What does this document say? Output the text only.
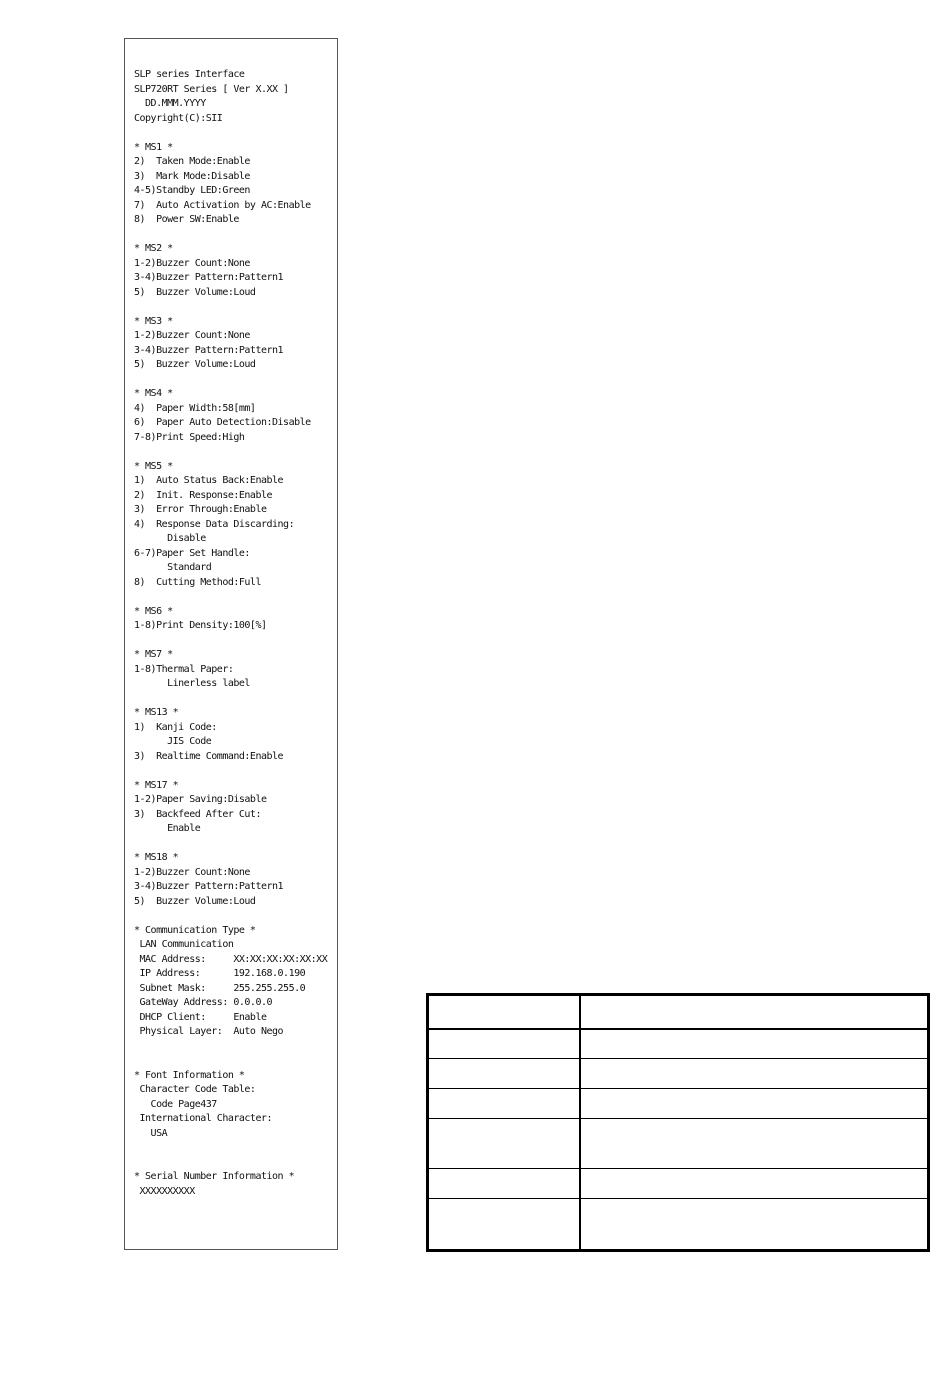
SLP series Interface
SLP720RT Series [ Ver X.XX ]
DD.MMM.YYYY
Copyright(C):SII

* MS1 *
2)  Taken Mode:Enable
3)  Mark Mode:Disable
4-5)Standby LED:Green
7)  Auto Activation by AC:Enable
8)  Power SW:Enable

* MS2 *
1-2)Buzzer Count:None
3-4)Buzzer Pattern:Pattern1
5)  Buzzer Volume:Loud

* MS3 *
1-2)Buzzer Count:None
3-4)Buzzer Pattern:Pattern1
5)  Buzzer Volume:Loud

* MS4 *
4)  Paper Width:58[mm]
6)  Paper Auto Detection:Disable
7-8)Print Speed:High

* MS5 *
1)  Auto Status Back:Enable
2)  Init. Response:Enable
3)  Error Through:Enable
4)  Response Data Discarding:
Disable
6-7)Paper Set Handle:
Standard
8)  Cutting Method:Full

* MS6 *
1-8)Print Density:100[%]

* MS7 *
1-8)Thermal Paper:
Linerless label

* MS13 *
1)  Kanji Code:
JIS Code
3)  Realtime Command:Enable

* MS17 *
1-2)Paper Saving:Disable
3)  Backfeed After Cut:
Enable

* MS18 *
1-2)Buzzer Count:None
3-4)Buzzer Pattern:Pattern1
5)  Buzzer Volume:Loud

* Communication Type *
LAN Communication
MAC Address:     XX:XX:XX:XX:XX:XX
IP Address:      192.168.0.190
Subnet Mask:     255.255.255.0
GateWay Address: 0.0.0.0
DHCP Client:     Enable
Physical Layer:  Auto Nego

* Font Information *
Character Code Table:
Code Page437
International Character:
USA

* Serial Number Information *
XXXXXXXXXX
